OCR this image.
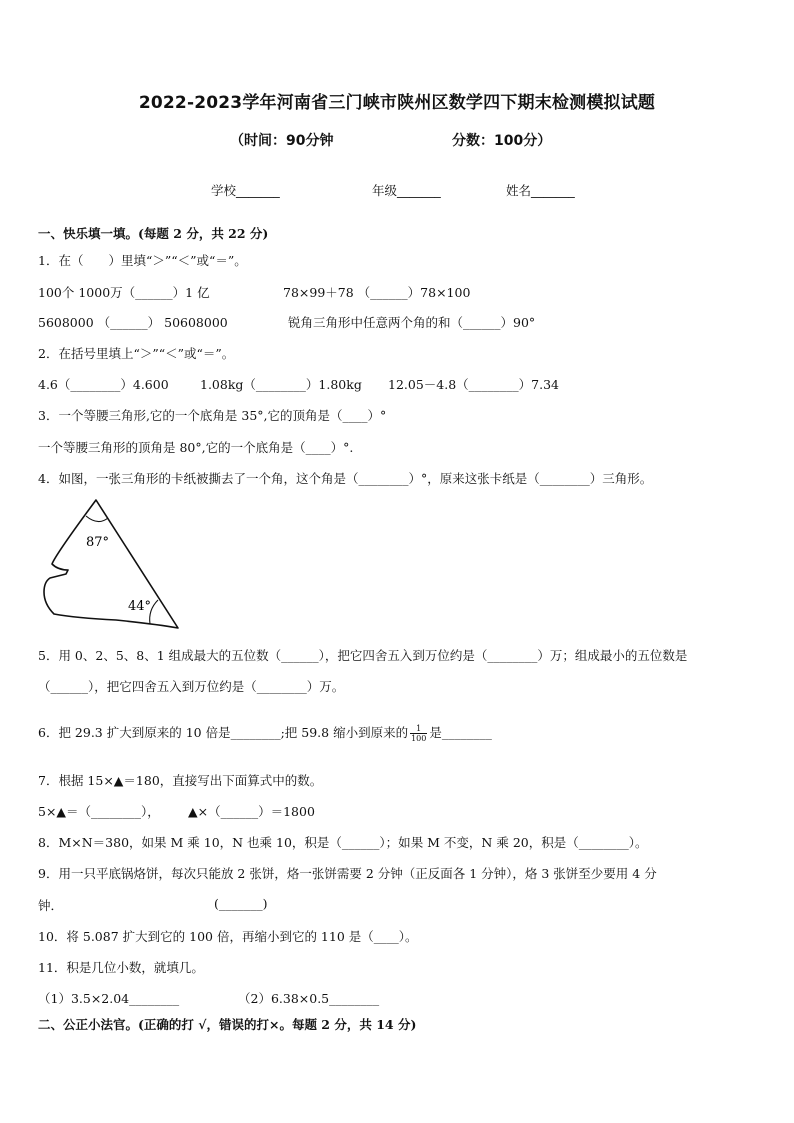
2022-2023学年河南省三门峡市陕州区数学四下期末检测模拟试题
（时间：90分钟	分数：100分）
学校_______	年级_______	姓名_______
一、快乐填一填。(每题 2 分，共 22 分)
1．在（　　）里填“＞”“＜”或“＝”。
100个 1000万（______）1 亿	78×99＋78 （______）78×100
5608000 （______） 50608000	锐角三角形中任意两个角的和（______）90°
2．在括号里填上“＞”“＜”或“＝”。
4.6（________）4.600	1.08kg（________）1.80kg 12.05－4.8（________）7.34
3．一个等腰三角形,它的一个底角是 35°,它的顶角是（____）°
一个等腰三角形的顶角是 80°,它的一个底角是（____）°.
4．如图，一张三角形的卡纸被撕去了一个角，这个角是（________）°，原来这张卡纸是（________）三角形。
87°
44°
5．用 0、2、5、8、1 组成最大的五位数（______），把它四舍五入到万位约是（________）万；组成最小的五位数是
（______），把它四舍五入到万位约是（________）万。
6．把 29.3 扩大到原来的 10 倍是________;把 59.8 缩小到原来的 $\frac{1}{100}$ 是________
7．根据 15×▲＝180，直接写出下面算式中的数。
5×▲＝（________）， ▲×（______）＝1800
8．M×N＝380，如果 M 乘 10，N 也乘 10，积是（______）；如果 M 不变，N 乘 20，积是（________）。
9．用一只平底锅烙饼，每次只能放 2 张饼，烙一张饼需要 2 分钟（正反面各 1 分钟），烙 3 张饼至少要用 4 分
钟．	(_______)
10．将 5.087 扩大到它的 100 倍，再缩小到它的 110 是（____）。
11．积是几位小数，就填几。
（1）3.5×2.04________	（2）6.38×0.5________
二、公正小法官。(正确的打 √，错误的打×。每题 2 分，共 14 分)
